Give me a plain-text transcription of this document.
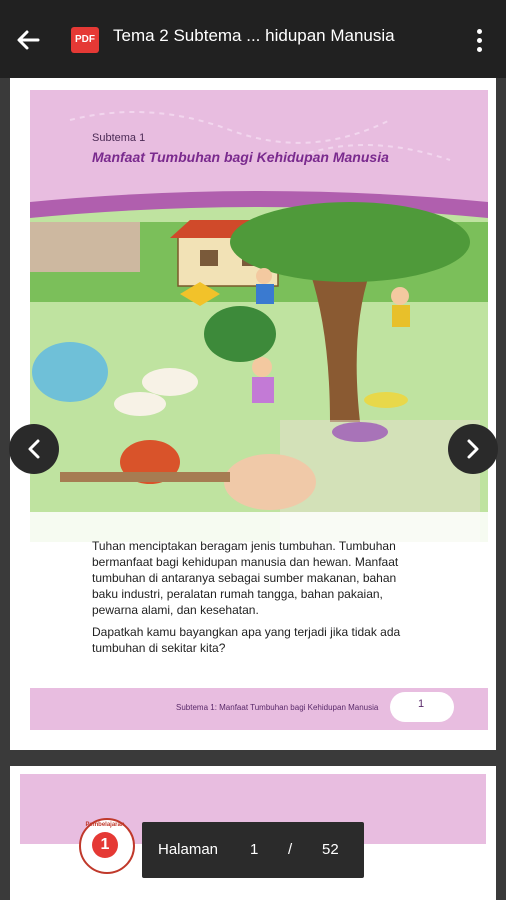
PDF Tema 2 Subtema ... hidupan Manusia
Subtema 1
Manfaat Tumbuhan bagi Kehidupan Manusia

Tuhan menciptakan beragam jenis tumbuhan. Tumbuhan bermanfaat bagi kehidupan manusia dan hewan. Manfaat tumbuhan di antaranya sebagai sumber makanan, bahan baku industri, peralatan rumah tangga, bahan pakaian, pewarna alami, dan kesehatan.

Dapatkah kamu bayangkan apa yang terjadi jika tidak ada tumbuhan di sekitar kita?

Subtema 1: Manfaat Tumbuhan bagi Kehidupan Manusia	1
Pembelajaran
1	Halaman 1 / 52
